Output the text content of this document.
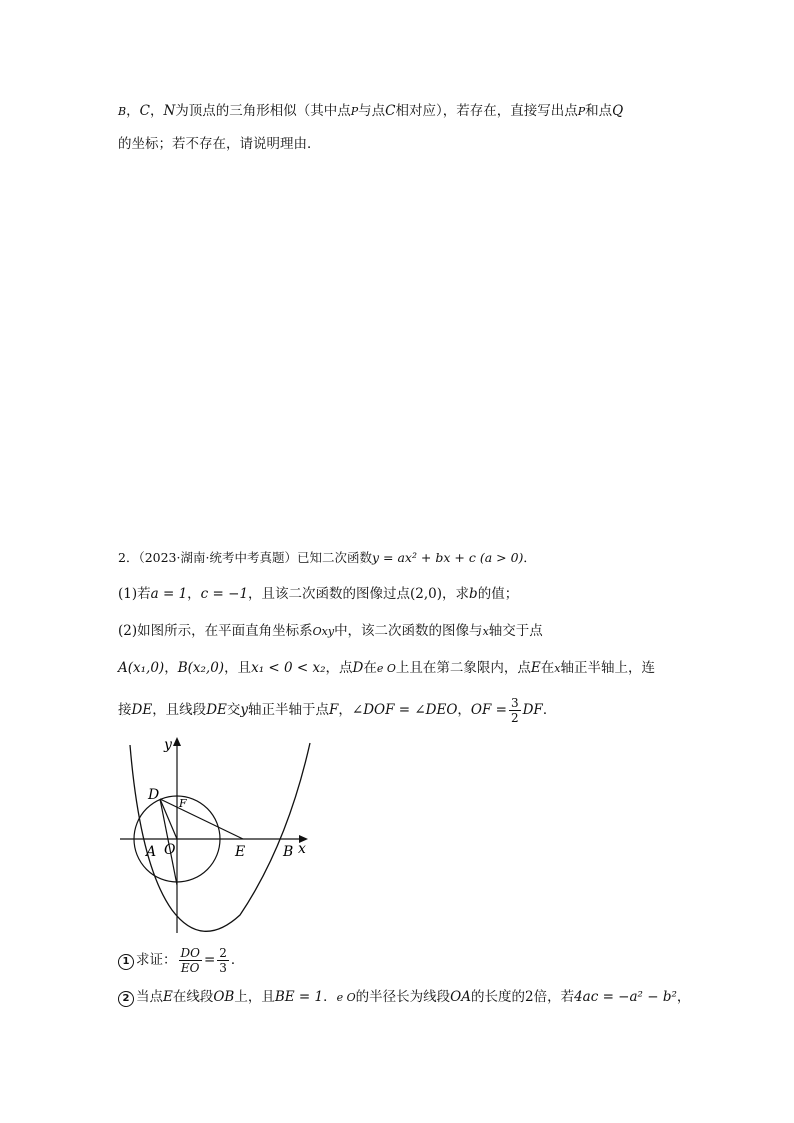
B，C，N为顶点的三角形相似（其中点P与点C相对应），若存在，直接写出点P和点Q
的坐标；若不存在，请说明理由．
2．（2023·湖南·统考中考真题）已知二次函数y = ax² + bx + c (a > 0)．
(1)若a = 1，c = −1，且该二次函数的图像过点(2,0)，求b的值；
(2)如图所示，在平面直角坐标系Oxy中，该二次函数的图像与x轴交于点
A(x₁,0)，B(x₂,0)，且x₁ < 0 < x₂，点D在e O上且在第二象限内，点E在x轴正半轴上，连
接DE，且线段DE交y轴正半轴于点F，∠DOF = ∠DEO，OF = $\frac{3}{2}$ DF．
y
x
D
F
A O	E	B
1 求证： $\frac{DO}{EO} = \frac{2}{3}$ ．
2 当点E在线段OB上，且BE = 1．e O的半径长为线段OA的长度的2倍，若4ac = −a² − b²，
